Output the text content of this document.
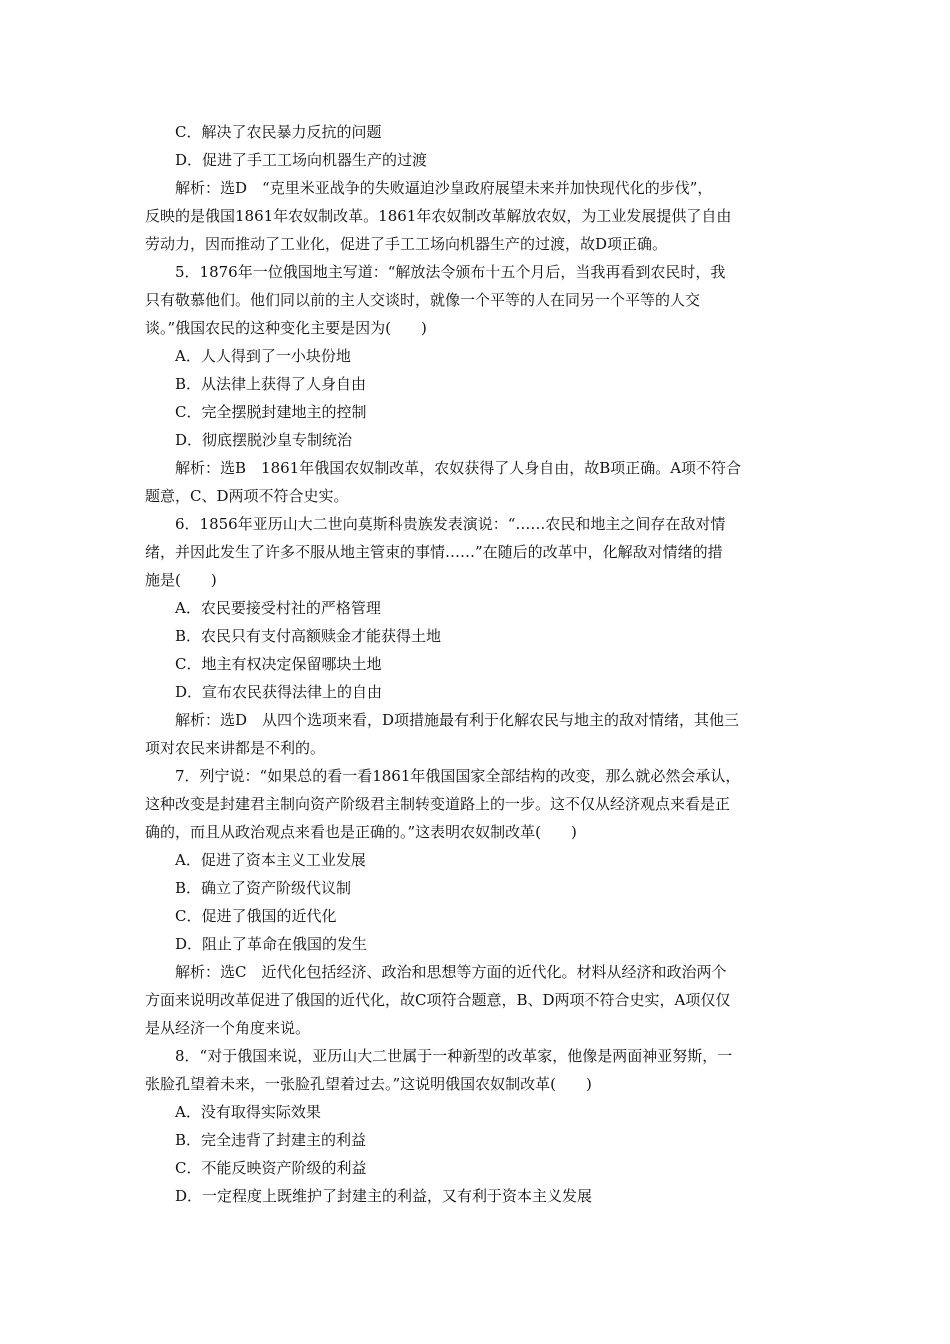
C．解决了农民暴力反抗的问题

D．促进了手工工场向机器生产的过渡

解析：选D　“克里米亚战争的失败逼迫沙皇政府展望未来并加快现代化的步伐”，

反映的是俄国1861年农奴制改革。1861年农奴制改革解放农奴，为工业发展提供了自由

劳动力，因而推动了工业化，促进了手工工场向机器生产的过渡，故D项正确。

5．1876年一位俄国地主写道：“解放法令颁布十五个月后，当我再看到农民时，我

只有敬慕他们。他们同以前的主人交谈时，就像一个平等的人在同另一个平等的人交

谈。”俄国农民的这种变化主要是因为(　　)

A．人人得到了一小块份地

B．从法律上获得了人身自由

C．完全摆脱封建地主的控制

D．彻底摆脱沙皇专制统治

解析：选B　1861年俄国农奴制改革，农奴获得了人身自由，故B项正确。A项不符合

题意，C、D两项不符合史实。

6．1856年亚历山大二世向莫斯科贵族发表演说：“……农民和地主之间存在敌对情

绪，并因此发生了许多不服从地主管束的事情……”在随后的改革中，化解敌对情绪的措

施是(　　)

A．农民要接受村社的严格管理

B．农民只有支付高额赎金才能获得土地

C．地主有权决定保留哪块土地

D．宣布农民获得法律上的自由

解析：选D　从四个选项来看，D项措施最有利于化解农民与地主的敌对情绪，其他三

项对农民来讲都是不利的。

7．列宁说：“如果总的看一看1861年俄国国家全部结构的改变，那么就必然会承认，

这种改变是封建君主制向资产阶级君主制转变道路上的一步。这不仅从经济观点来看是正

确的，而且从政治观点来看也是正确的。”这表明农奴制改革(　　)

A．促进了资本主义工业发展

B．确立了资产阶级代议制

C．促进了俄国的近代化

D．阻止了革命在俄国的发生

解析：选C　近代化包括经济、政治和思想等方面的近代化。材料从经济和政治两个

方面来说明改革促进了俄国的近代化，故C项符合题意，B、D两项不符合史实，A项仅仅

是从经济一个角度来说。

8．“对于俄国来说，亚历山大二世属于一种新型的改革家，他像是两面神亚努斯，一

张脸孔望着未来，一张脸孔望着过去。”这说明俄国农奴制改革(　　)

A．没有取得实际效果

B．完全违背了封建主的利益

C．不能反映资产阶级的利益

D．一定程度上既维护了封建主的利益，又有利于资本主义发展
